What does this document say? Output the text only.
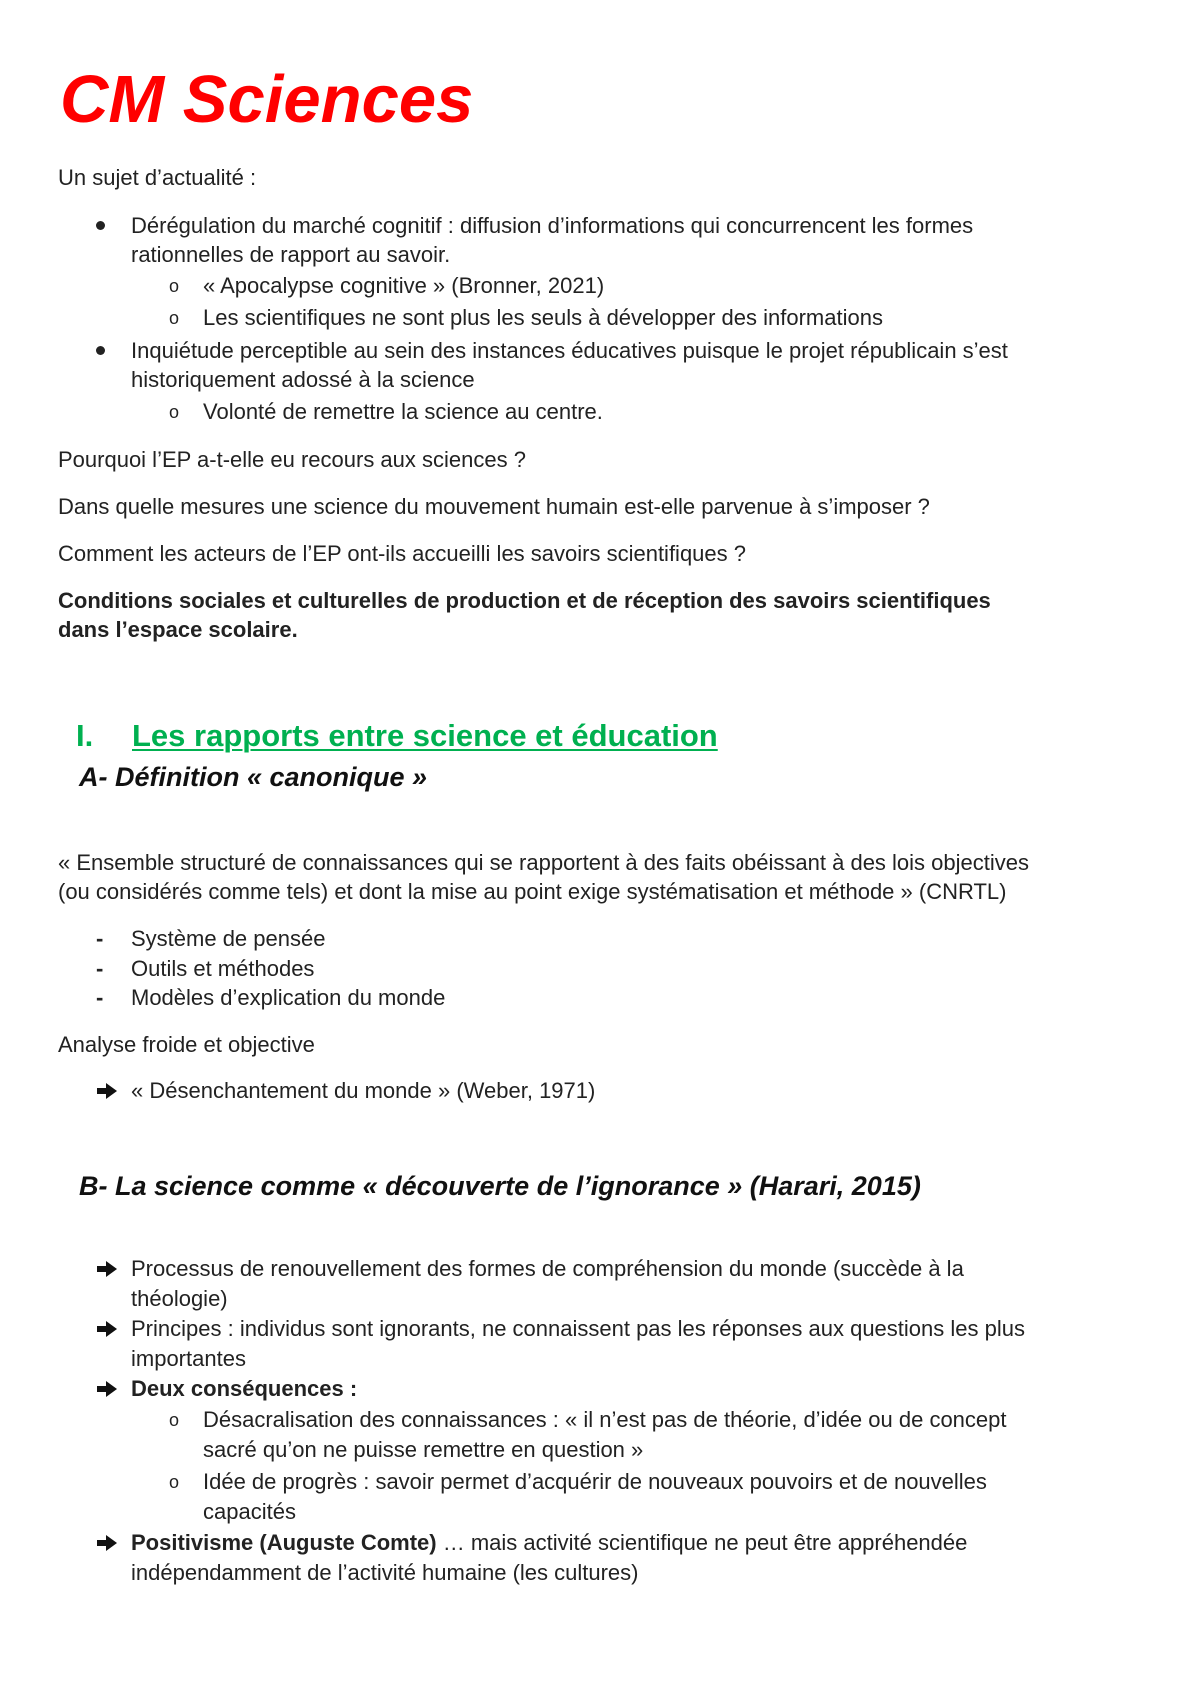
CM Sciences

Un sujet d’actualité :

Dérégulation du marché cognitif : diffusion d’informations qui concurrencent les formes

rationnelles de rapport au savoir.

o « Apocalypse cognitive » (Bronner, 2021)

o Les scientifiques ne sont plus les seuls à développer des informations

Inquiétude perceptible au sein des instances éducatives puisque le projet républicain s’est

historiquement adossé à la science

o Volonté de remettre la science au centre.

Pourquoi l’EP a-t-elle eu recours aux sciences ?

Dans quelle mesures une science du mouvement humain est-elle parvenue à s’imposer ?

Comment les acteurs de l’EP ont-ils accueilli les savoirs scientifiques ?

Conditions sociales et culturelles de production et de réception des savoirs scientifiques

dans l’espace scolaire.

I. Les rapports entre science et éducation
A- Définition « canonique »

« Ensemble structuré de connaissances qui se rapportent à des faits obéissant à des lois objectives

(ou considérés comme tels) et dont la mise au point exige systématisation et méthode » (CNRTL)

- Système de pensée

- Outils et méthodes

- Modèles d’explication du monde

Analyse froide et objective

« Désenchantement du monde » (Weber, 1971)

B- La science comme « découverte de l’ignorance » (Harari, 2015)

Processus de renouvellement des formes de compréhension du monde (succède à la

théologie)

Principes : individus sont ignorants, ne connaissent pas les réponses aux questions les plus

importantes

Deux conséquences :

o Désacralisation des connaissances : « il n’est pas de théorie, d’idée ou de concept

sacré qu’on ne puisse remettre en question »

o Idée de progrès : savoir permet d’acquérir de nouveaux pouvoirs et de nouvelles

capacités

Positivisme (Auguste Comte) … mais activité scientifique ne peut être appréhendée

indépendamment de l’activité humaine (les cultures)
